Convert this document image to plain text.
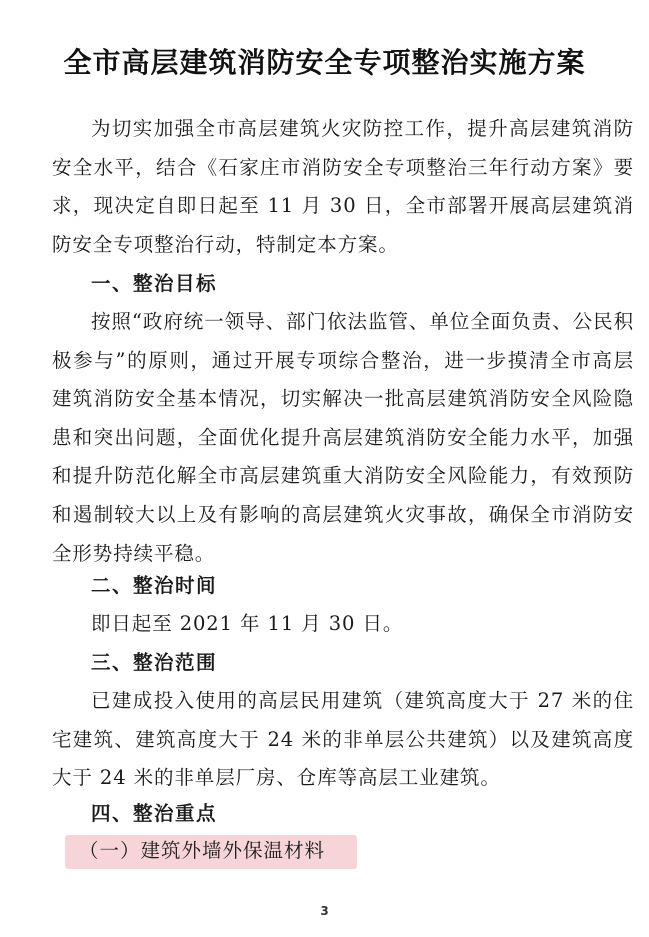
全市高层建筑消防安全专项整治实施方案

为切实加强全市高层建筑火灾防控工作，提升高层建筑消防安全水平，结合《石家庄市消防安全专项整治三年行动方案》要求，现决定自即日起至 11 月 30 日，全市部署开展高层建筑消防安全专项整治行动，特制定本方案。

一、整治目标

按照“政府统一领导、部门依法监管、单位全面负责、公民积极参与”的原则，通过开展专项综合整治，进一步摸清全市高层建筑消防安全基本情况，切实解决一批高层建筑消防安全风险隐患和突出问题，全面优化提升高层建筑消防安全能力水平，加强和提升防范化解全市高层建筑重大消防安全风险能力，有效预防和遏制较大以上及有影响的高层建筑火灾事故，确保全市消防安全形势持续平稳。

二、整治时间

即日起至 2021 年 11 月 30 日。

三、整治范围

已建成投入使用的高层民用建筑（建筑高度大于 27 米的住宅建筑、建筑高度大于 24 米的非单层公共建筑）以及建筑高度大于 24 米的非单层厂房、仓库等高层工业建筑。

四、整治重点

（一）建筑外墙外保温材料

3
